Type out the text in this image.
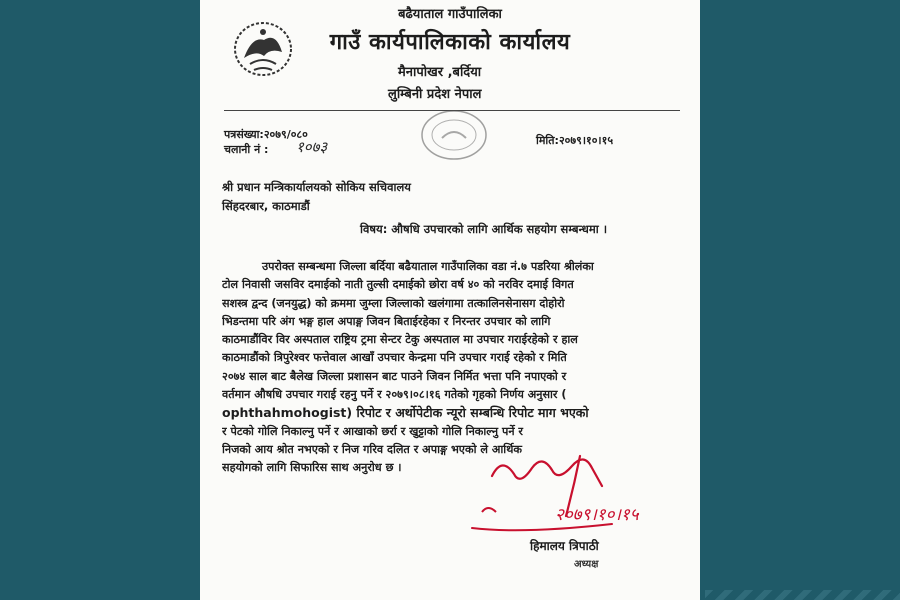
बढैयाताल गाउँपालिका
गाउँ कार्यपालिकाको कार्यालय
मैनापोखर ,बर्दिया
लुम्बिनी प्रदेश नेपाल
पत्रसंख्या:२०७९/०८०
चलानी नं : १०७३	मिति:२०७९।१०।१५
श्री प्रधान मन्त्रिकार्यालयको सोकिय सचिवालय
सिंहदरबार, काठमाडौं
विषय: औषधि उपचारको लागि आर्थिक सहयोग सम्बन्धमा ।
उपरोक्त सम्बन्धमा जिल्ला बर्दिया बढैयाताल गाउँपालिका वडा नं.७ पडरिया श्रीलंका
टोल निवासी जसविर दमाईको नाती तुल्सी दमाईको छोरा वर्ष ४० को नरविर दमाई विगत
सशस्त्र द्वन्द (जनयुद्ध) को क्रममा जुम्ला जिल्लाको खलंगामा तत्कालिनसेनासग दोहोरो
भिडन्तमा परि अंग भङ्ग हाल अपाङ्ग जिवन बिताईरहेका र निरन्तर उपचार को लागि
काठमाडौंविर विर अस्पताल राष्ट्रिय ट्रमा सेन्टर टेकु अस्पताल मा उपचार गराईरहेको र हाल
काठमाडौंको त्रिपुरेश्वर फत्तेवाल आखाँ उपचार केन्द्रमा पनि उपचार गराई रहेको र मिति
२०७४ साल बाट बैलेख जिल्ला प्रशासन बाट पाउने जिवन निर्मित भत्ता पनि नपाएको र
वर्तमान औषधि उपचार गराई रहनु पर्ने र २०७९।०८।१६ गतेको गृहको निर्णय अनुसार (
ophthahmohogist) रिपोट र अर्थोपेटीक न्यूरो सम्बन्धि रिपोट माग भएको
र पेटको गोलि निकाल्नु पर्ने र आखाको छर्रा र खुट्टाको गोलि निकाल्नु पर्ने र
निजको आय श्रोत नभएको र निज गरिव दलित र अपाङ्ग भएको ले आर्थिक
सहयोगको लागि सिफारिस साथ अनुरोध छ ।
२०७९।१०।१५
हिमालय त्रिपाठी
अध्यक्ष
